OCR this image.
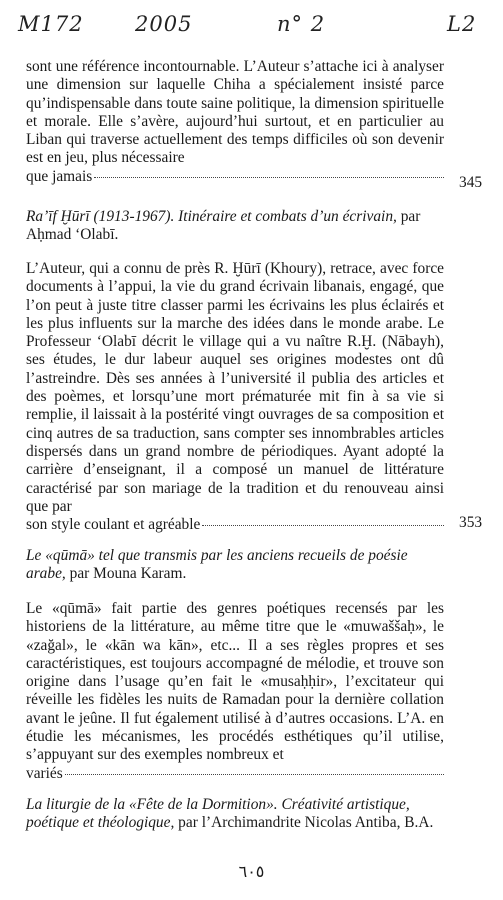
M172 2005	n° 2	L2

sont une référence incontournable. L’Auteur s’attache ici à analyser une dimension sur laquelle Chiha a spécialement insisté parce qu’indispensable dans toute saine politique, la dimension spirituelle et morale. Elle s’avère, aujourd’hui surtout, et en particulier au Liban qui traverse actuellement des temps difficiles où son devenir est en jeu, plus nécessaire

que jamais	345
Ra’īf Ḫūrī (1913-1967). Itinéraire et combats d’un écrivain, par Aḥmad ‘Olabī.

L’Auteur, qui a connu de près R. Ḫūrī (Khoury), retrace, avec force documents à l’appui, la vie du grand écrivain libanais, engagé, que l’on peut à juste titre classer parmi les écrivains les plus éclairés et les plus influents sur la marche des idées dans le monde arabe. Le Professeur ‘Olabī décrit le village qui a vu naître R.Ḫ. (Nābayh), ses études, le dur labeur auquel ses origines modestes ont dû l’astreindre. Dès ses années à l’université il publia des articles et des poèmes, et lorsqu’une mort prématurée mit fin à sa vie si remplie, il laissait à la postérité vingt ouvrages de sa composition et cinq autres de sa traduction, sans compter ses innombrables articles dispersés dans un grand nombre de périodiques. Ayant adopté la carrière d’enseignant, il a composé un manuel de littérature caractérisé par son mariage de la tradition et du renouveau ainsi que par

son style coulant et agréable	353
Le «qūmā» tel que transmis par les anciens recueils de poésie arabe, par Mouna Karam.

Le «qūmā» fait partie des genres poétiques recensés par les historiens de la littérature, au même titre que le «muwaššaḥ», le «zağal», le «kān wa kān», etc... Il a ses règles propres et ses caractéristiques, est toujours accompagné de mélodie, et trouve son origine dans l’usage qu’en fait le «musaḥḥir», l’excitateur qui réveille les fidèles les nuits de Ramadan pour la dernière collation avant le jeûne. Il fut également utilisé à d’autres occasions. L’A. en étudie les mécanismes, les procédés esthétiques qu’il utilise, s’appuyant sur des exemples nombreux et

variés
La liturgie de la «Fête de la Dormition». Créativité artistique, poétique et théologique, par l’Archimandrite Nicolas Antiba, B.A.
٦٠٥
